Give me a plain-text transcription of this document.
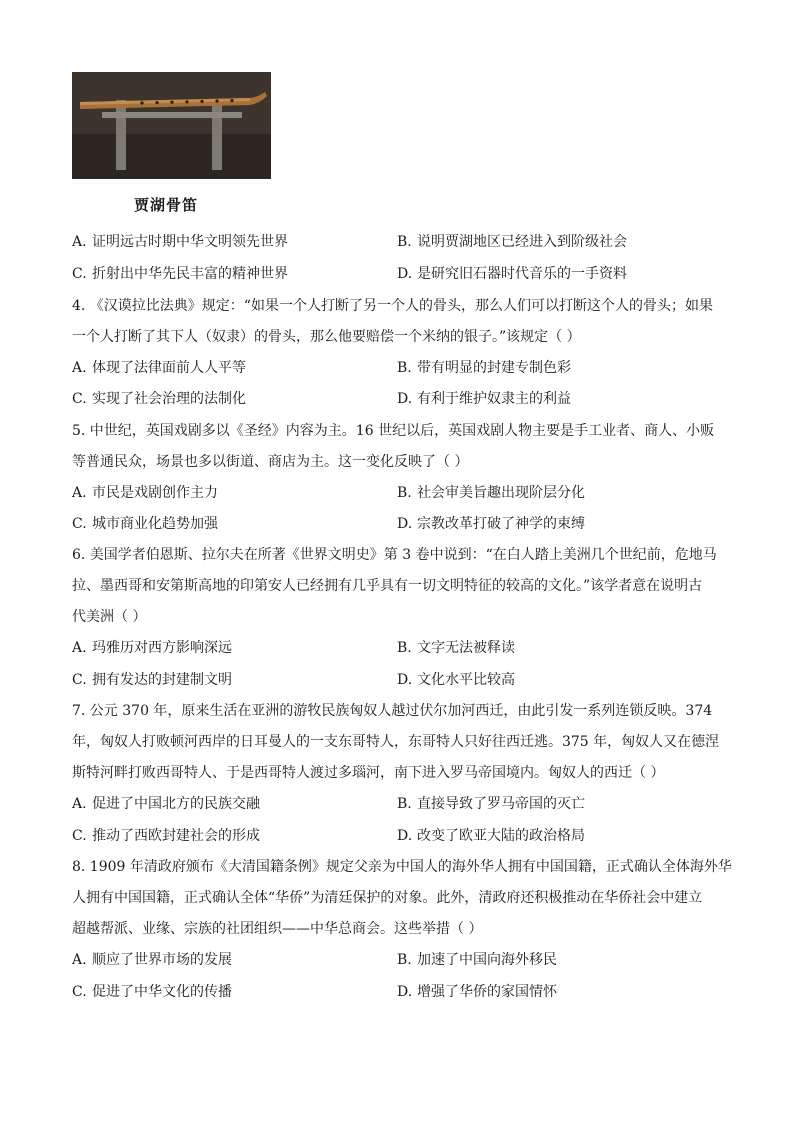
贾湖骨笛
A. 证明远古时期中华文明领先世界	B. 说明贾湖地区已经进入到阶级社会
C. 折射出中华先民丰富的精神世界	D. 是研究旧石器时代音乐的一手资料
4. 《汉谟拉比法典》规定：“如果一个人打断了另一个人的骨头，那么人们可以打断这个人的骨头；如果
一个人打断了其下人（奴隶）的骨头，那么他要赔偿一个米纳的银子。”该规定（ ）
A. 体现了法律面前人人平等	B. 带有明显的封建专制色彩
C. 实现了社会治理的法制化	D. 有利于维护奴隶主的利益
5. 中世纪，英国戏剧多以《圣经》内容为主。16 世纪以后，英国戏剧人物主要是手工业者、商人、小贩
等普通民众，场景也多以街道、商店为主。这一变化反映了（ ）
A. 市民是戏剧创作主力	B. 社会审美旨趣出现阶层分化
C. 城市商业化趋势加强	D. 宗教改革打破了神学的束缚
6. 美国学者伯恩斯、拉尔夫在所著《世界文明史》第 3 卷中说到：“在白人踏上美洲几个世纪前，危地马
拉、墨西哥和安第斯高地的印第安人已经拥有几乎具有一切文明特征的较高的文化。”该学者意在说明古
代美洲（ ）
A. 玛雅历对西方影响深远	B. 文字无法被释读
C. 拥有发达的封建制文明	D. 文化水平比较高
7. 公元 370 年，原来生活在亚洲的游牧民族匈奴人越过伏尔加河西迁，由此引发一系列连锁反映。374
年，匈奴人打败顿河西岸的日耳曼人的一支东哥特人，东哥特人只好往西迁逃。375 年，匈奴人又在德涅
斯特河畔打败西哥特人、于是西哥特人渡过多瑙河，南下进入罗马帝国境内。匈奴人的西迁（ ）
A. 促进了中国北方的民族交融	B. 直接导致了罗马帝国的灭亡
C. 推动了西欧封建社会的形成	D. 改变了欧亚大陆的政治格局
8. 1909 年清政府颁布《大清国籍条例》规定父亲为中国人的海外华人拥有中国国籍，正式确认全体海外华
人拥有中国国籍，正式确认全体“华侨”为清廷保护的对象。此外，清政府还积极推动在华侨社会中建立
超越帮派、业缘、宗族的社团组织——中华总商会。这些举措（ ）
A. 顺应了世界市场的发展	B. 加速了中国向海外移民
C. 促进了中华文化的传播	D. 增强了华侨的家国情怀
